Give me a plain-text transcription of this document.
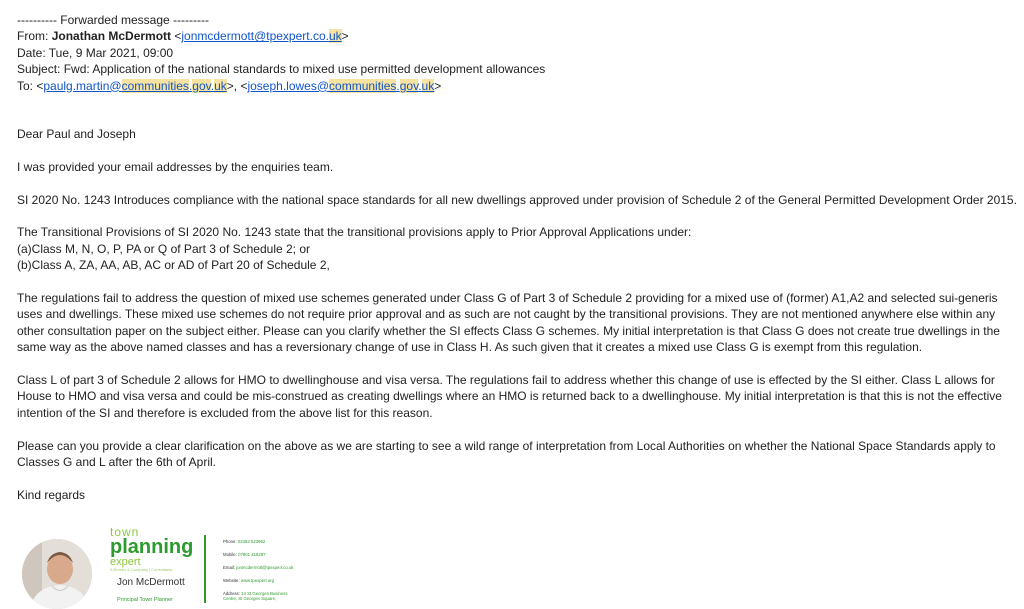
---------- Forwarded message ---------
From: Jonathan McDermott <jonmcdermott@tpexpert.co.uk>
Date: Tue, 9 Mar 2021, 09:00
Subject: Fwd: Application of the national standards to mixed use permitted development allowances
To: <paulg.martin@communities.gov.uk>, <joseph.lowes@communities.gov.uk>

Dear Paul and Joseph

I was provided your email addresses by the enquiries team.

SI 2020 No. 1243 Introduces compliance with the national space standards for all new dwellings approved under provision of Schedule 2 of the General Permitted Development Order 2015.

The Transitional Provisions of SI 2020 No. 1243 state that the transitional provisions apply to Prior Approval Applications under:
(a)Class M, N, O, P, PA or Q of Part 3 of Schedule 2; or
(b)Class A, ZA, AA, AB, AC or AD of Part 20 of Schedule 2,

The regulations fail to address the question of mixed use schemes generated under Class G of Part 3 of Schedule 2 providing for a mixed use of (former) A1,A2 and selected sui-generis uses and dwellings. These mixed use schemes do not require prior approval and as such are not caught by the transitional provisions. They are not mentioned anywhere else within any other consultation paper on the subject either. Please can you clarify whether the SI effects Class G schemes. My initial interpretation is that Class G does not create true dwellings in the same way as the above named classes and has a reversionary change of use in Class H. As such given that it creates a mixed use Class G is exempt from this regulation.

Class L of part 3 of Schedule 2 allows for HMO to dwellinghouse and visa versa. The regulations fail to address whether this change of use is effected by the SI either. Class L allows for House to HMO and visa versa and could be mis-construed as creating dwellings where an HMO is returned back to a dwellinghouse. My initial interpretation is that this is not the effective intention of the SI and therefore is excluded from the above list for this reason.

Please can you provide a clear clarification on the above as we are starting to see a wild range of interpretation from Local Authorities on whether the National Space Standards apply to Classes G and L after the 6th of April.

Kind regards

town
planning
expert
A Brooks & Company | Consultants
Jon McDermott
Principal Town Planner
Phone: 02392 523962
Mobile: 07801 418297
Email: jonmcdermott@tpexpert.co.uk
Website: www.tpexpert.org
Address: 14 St Georges Business
Centre, St Georges Square,
